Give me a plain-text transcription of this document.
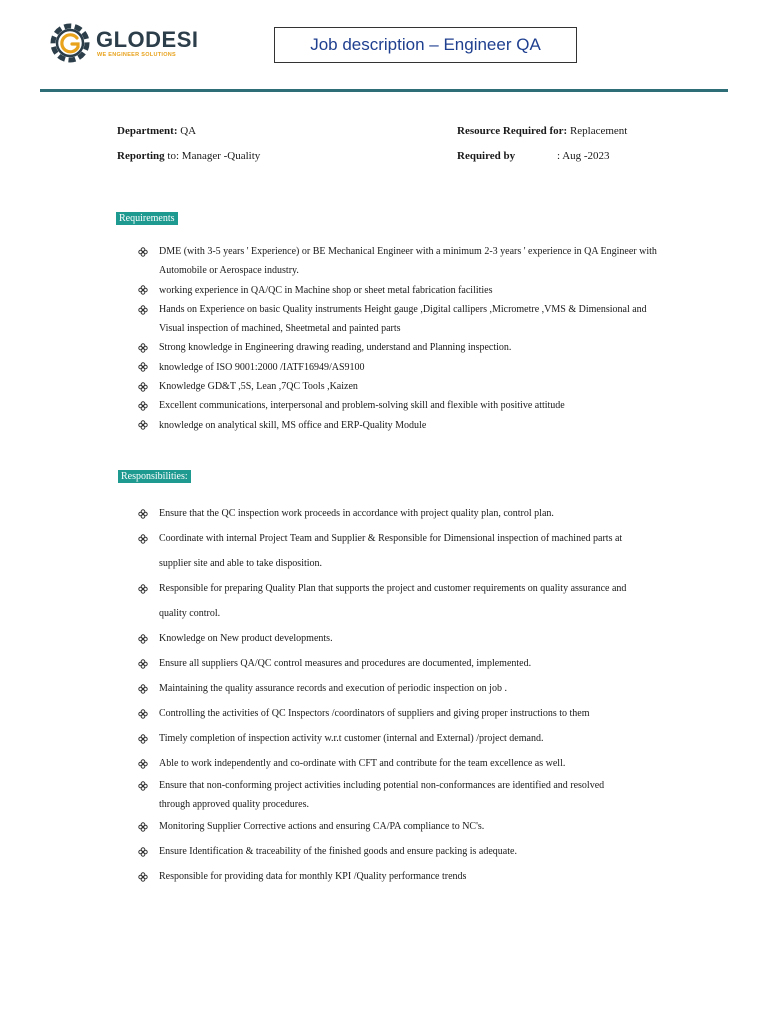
GLODESI
WE ENGINEER SOLUTIONS
Job description – Engineer QA
Department: QA	Resource Required for: Replacement
Reporting to: Manager -Quality	Required by	: Aug -2023
Requirements
DME (with 3-5 years ' Experience) or BE Mechanical Engineer with a minimum 2-3 years ' experience in QA Engineer with Automobile or Aerospace industry.
working experience in QA/QC in Machine shop or sheet metal fabrication facilities
Hands on Experience on basic Quality instruments Height gauge ,Digital callipers ,Micrometre ,VMS & Dimensional and Visual inspection of machined, Sheetmetal and painted parts
Strong knowledge in Engineering drawing reading, understand and Planning inspection.
knowledge of ISO 9001:2000 /IATF16949/AS9100
Knowledge GD&T ,5S, Lean ,7QC Tools ,Kaizen
Excellent communications, interpersonal and problem-solving skill and flexible with positive attitude
knowledge on analytical skill, MS office and ERP-Quality Module
Responsibilities:
Ensure that the QC inspection work proceeds in accordance with project quality plan, control plan.
Coordinate with internal Project Team and Supplier & Responsible for Dimensional inspection of machined parts at supplier site and able to take disposition.
Responsible for preparing Quality Plan that supports the project and customer requirements on quality assurance and quality control.
Knowledge on New product developments.
Ensure all suppliers QA/QC control measures and procedures are documented, implemented.
Maintaining the quality assurance records and execution of periodic inspection on job .
Controlling the activities of QC Inspectors /coordinators of suppliers and giving proper instructions to them
Timely completion of inspection activity w.r.t customer (internal and External) /project demand.
Able to work independently and co-ordinate with CFT and contribute for the team excellence as well.
Ensure that non-conforming project activities including potential non-conformances are identified and resolved through approved quality procedures.
Monitoring Supplier Corrective actions and ensuring CA/PA compliance to NC's.
Ensure Identification & traceability of the finished goods and ensure packing is adequate.
Responsible for providing data for monthly KPI /Quality performance trends
